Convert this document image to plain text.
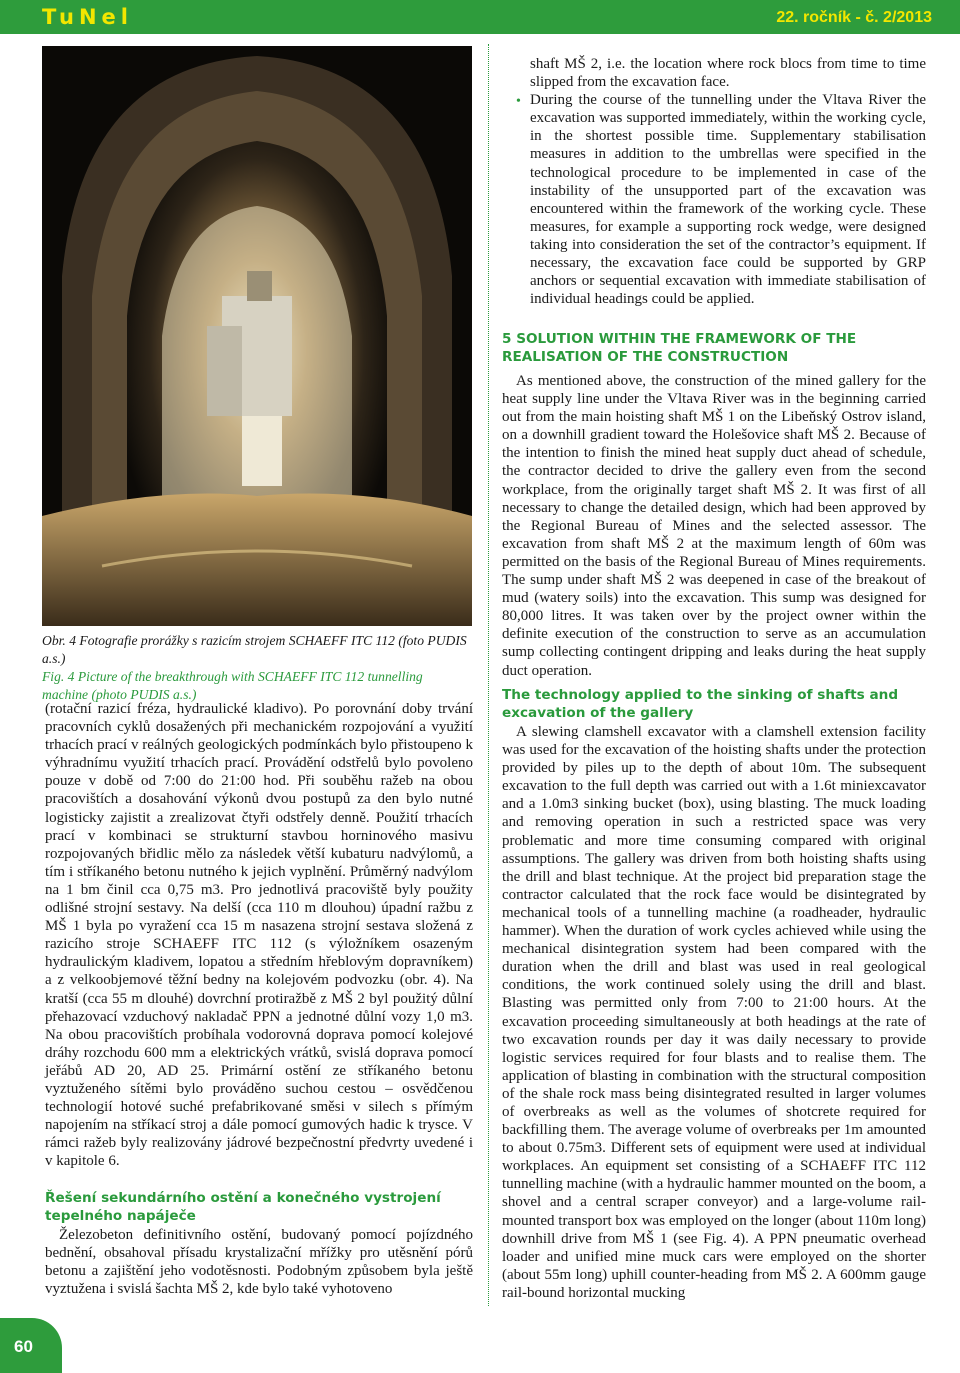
TuNel	22. ročník - č. 2/2013
Obr. 4 Fotografie prorážky s razicím strojem SCHAEFF ITC 112 (foto PUDIS a.s.)
Fig. 4 Picture of the breakthrough with SCHAEFF ITC 112 tunnelling machine (photo PUDIS a.s.)

(rotační razicí fréza, hydraulické kladivo). Po porovnání doby trvání pracovních cyklů dosažených při mechanickém rozpojování a využití trhacích prací v reálných geologických podmínkách bylo přistoupeno k výhradnímu využití trhacích prací. Provádění odstřelů bylo povoleno pouze v době od 7:00 do 21:00 hod. Při souběhu ražeb na obou pracovištích a dosahování výkonů dvou postupů za den bylo nutné logisticky zajistit a zrealizovat čtyři odstřely denně. Použití trhacích prací v kombinaci se strukturní stavbou horninového masivu rozpojovaných břidlic mělo za následek větší kubaturu nadvýlomů, a tím i stříkaného betonu nutného k jejich vyplnění. Průměrný nadvýlom na 1 bm činil cca 0,75 m3. Pro jednotlivá pracoviště byly použity odlišné strojní sestavy. Na delší (cca 110 m dlouhou) úpadní ražbu z MŠ 1 byla po vyražení cca 15 m nasazena strojní sestava složená z razicího stroje SCHAEFF ITC 112 (s výložníkem osazeným hydraulickým kladivem, lopatou a středním hřeblovým dopravníkem) a z velkoobjemové těžní bedny na kolejovém podvozku (obr. 4). Na kratší (cca 55 m dlouhé) dovrchní protiražbě z MŠ 2 byl použitý důlní přehazovací vzduchový nakladač PPN a jednotné důlní vozy 1,0 m3. Na obou pracovištích probíhala vodorovná doprava pomocí kolejové dráhy rozchodu 600 mm a elektrických vrátků, svislá doprava pomocí jeřábů AD 20, AD 25. Primární ostění ze stříkaného betonu vyztuženého sítěmi bylo prováděno suchou cestou – osvědčenou technologií hotové suché prefabrikované směsi v silech s přímým napojením na stříkací stroj a dále pomocí gumových hadic k trysce. V rámci ražeb byly realizovány jádrové bezpečnostní předvrty uvedené i v kapitole 6.

Řešení sekundárního ostění a konečného vystrojení tepelného napáječe

Železobeton definitivního ostění, budovaný pomocí pojízdného bednění, obsahoval přísadu krystalizační mřížky pro utěsnění pórů betonu a zajištění jeho vodotěsnosti. Podobným způsobem byla ještě vyztužena i svislá šachta MŠ 2, kde bylo také vyhotoveno

shaft MŠ 2, i.e. the location where rock blocs from time to time slipped from the excavation face.

During the course of the tunnelling under the Vltava River the excavation was supported immediately, within the working cycle, in the shortest possible time. Supplementary stabilisation measures in addition to the umbrellas were specified in the technological procedure to be implemented in case of the instability of the unsupported part of the excavation was encountered within the framework of the working cycle. These measures, for example a supporting rock wedge, were designed taking into consideration the set of the contractor’s equipment. If necessary, the excavation face could be supported by GRP anchors or sequential excavation with immediate stabilisation of individual headings could be applied.

•
5 SOLUTION WITHIN THE FRAMEWORK OF THE REALISATION OF THE CONSTRUCTION

As mentioned above, the construction of the mined gallery for the heat supply line under the Vltava River was in the beginning carried out from the main hoisting shaft MŠ 1 on the Libeňský Ostrov island, on a downhill gradient toward the Holešovice shaft MŠ 2. Because of the intention to finish the mined heat supply duct ahead of schedule, the contractor decided to drive the gallery even from the second workplace, from the originally target shaft MŠ 2. It was first of all necessary to change the detailed design, which had been approved by the Regional Bureau of Mines and the selected assessor. The excavation from shaft MŠ 2 at the maximum length of 60m was permitted on the basis of the Regional Bureau of Mines requirements. The sump under shaft MŠ 2 was deepened in case of the breakout of mud (watery soils) into the excavation. This sump was designed for 80,000 litres. It was taken over by the project owner within the definite execution of the construction to serve as an accumulation sump collecting contingent dripping and leaks during the heat supply duct operation.

The technology applied to the sinking of shafts and excavation of the gallery

A slewing clamshell excavator with a clamshell extension facility was used for the excavation of the hoisting shafts under the protection provided by piles up to the depth of about 10m. The subsequent excavation to the full depth was carried out with a 1.6t miniexcavator and a 1.0m3 sinking bucket (box), using blasting. The muck loading and removing operation in such a restricted space was very problematic and more time consuming compared with original assumptions. The gallery was driven from both hoisting shafts using the drill and blast technique. At the project bid preparation stage the contractor calculated that the rock face would be disintegrated by mechanical tools of a tunnelling machine (a roadheader, hydraulic hammer). When the duration of work cycles achieved while using the mechanical disintegration system had been compared with the duration when the drill and blast was used in real geological conditions, the work continued solely using the drill and blast. Blasting was permitted only from 7:00 to 21:00 hours. At the excavation proceeding simultaneously at both headings at the rate of two excavation rounds per day it was daily necessary to provide logistic services required for four blasts and to realise them. The application of blasting in combination with the structural composition of the shale rock mass being disintegrated resulted in larger volumes of overbreaks as well as the volumes of shotcrete required for backfilling them. The average volume of overbreaks per 1m amounted to about 0.75m3. Different sets of equipment were used at individual workplaces. An equipment set consisting of a SCHAEFF ITC 112 tunnelling machine (with a hydraulic hammer mounted on the boom, a shovel and a central scraper conveyor) and a large-volume rail-mounted transport box was employed on the longer (about 110m long) downhill drive from MŠ 1 (see Fig. 4). A PPN pneumatic overhead loader and unified mine muck cars were employed on the shorter (about 55m long) uphill counter-heading from MŠ 2. A 600mm gauge rail-bound horizontal mucking

60
